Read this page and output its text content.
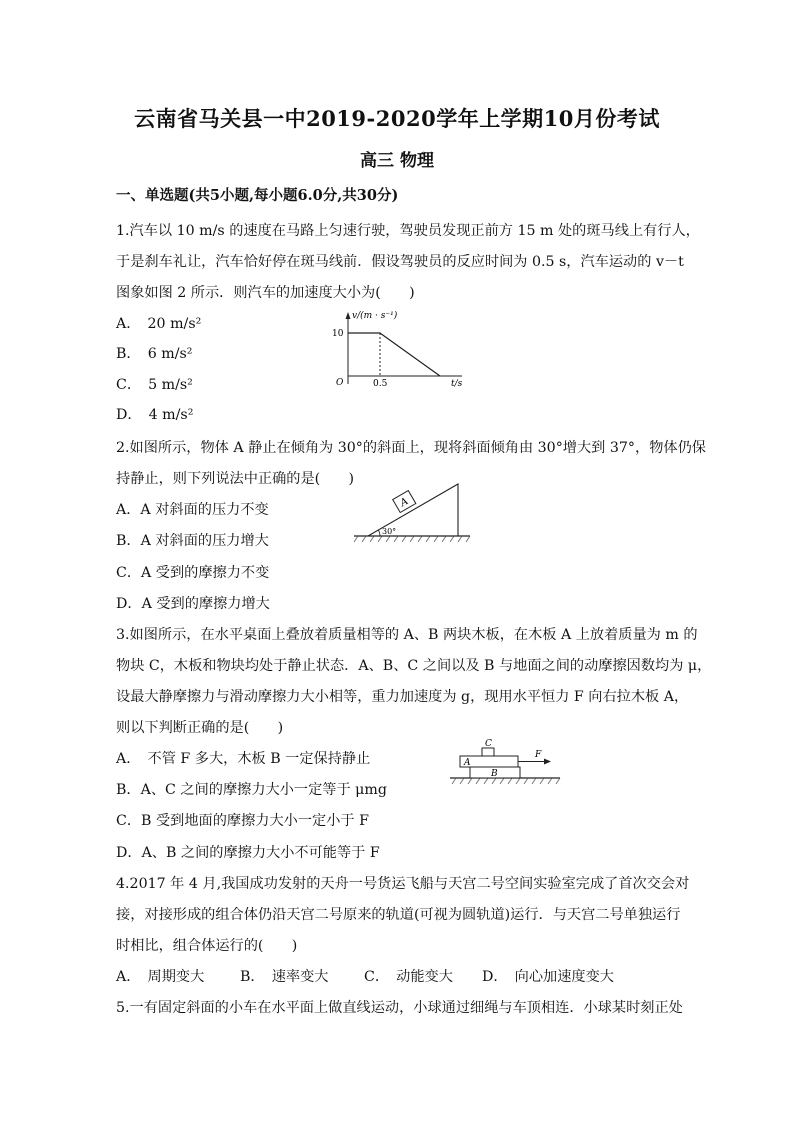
云南省马关县一中2019-2020学年上学期10月份考试
高三 物理
一、单选题(共5小题,每小题6.0分,共30分)
1.汽车以 10 m/s 的速度在马路上匀速行驶，驾驶员发现正前方 15 m 处的斑马线上有行人，
于是刹车礼让，汽车恰好停在斑马线前．假设驾驶员的反应时间为 0.5 s，汽车运动的 v－t
图象如图 2 所示．则汽车的加速度大小为(　　)
A．　20 m/s²
B．　6 m/s²
C．　5 m/s²
D．　4 m/s²
v/(m · s⁻¹)
10
O	0.5	t/s
2.如图所示，物体 A 静止在倾角为 30°的斜面上，现将斜面倾角由 30°增大到 37°，物体仍保
持静止，则下列说法中正确的是(　　)
A．A 对斜面的压力不变
B．A 对斜面的压力增大
C．A 受到的摩擦力不变
D．A 受到的摩擦力增大
A
30°
3.如图所示，在水平桌面上叠放着质量相等的 A、B 两块木板，在木板 A 上放着质量为 m 的
物块 C，木板和物块均处于静止状态．A、B、C 之间以及 B 与地面之间的动摩擦因数均为 μ，
设最大静摩擦力与滑动摩擦力大小相等，重力加速度为 g，现用水平恒力 F 向右拉木板 A，
则以下判断正确的是(　　)
A．　不管 F 多大，木板 B 一定保持静止
B．A、C 之间的摩擦力大小一定等于 μmg
C．B 受到地面的摩擦力大小一定小于 F
D．A、B 之间的摩擦力大小不可能等于 F
C
A
B
F
4.2017 年 4 月,我国成功发射的天舟一号货运飞船与天宫二号空间实验室完成了首次交会对
接，对接形成的组合体仍沿天宫二号原来的轨道(可视为圆轨道)运行．与天宫二号单独运行
时相比，组合体运行的(　　)
A．　周期变大	B．　速率变大	C．　动能变大 D．　向心加速度变大
5.一有固定斜面的小车在水平面上做直线运动，小球通过细绳与车顶相连．小球某时刻正处
